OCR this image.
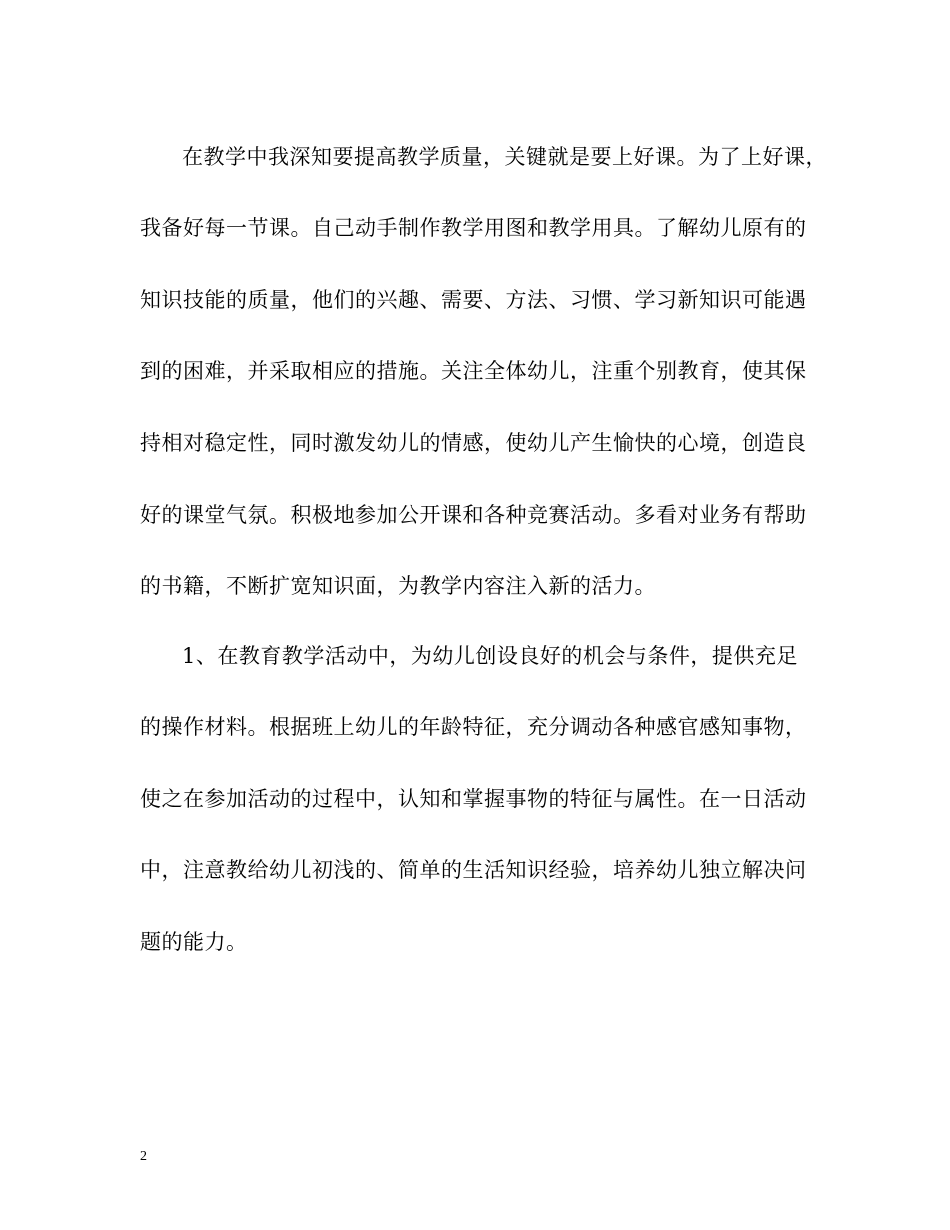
在教学中我深知要提高教学质量，关键就是要上好课。为了上好课，
我备好每一节课。自己动手制作教学用图和教学用具。了解幼儿原有的
知识技能的质量，他们的兴趣、需要、方法、习惯、学习新知识可能遇
到的困难，并采取相应的措施。关注全体幼儿，注重个别教育，使其保
持相对稳定性，同时激发幼儿的情感，使幼儿产生愉快的心境，创造良
好的课堂气氛。积极地参加公开课和各种竞赛活动。多看对业务有帮助
的书籍，不断扩宽知识面，为教学内容注入新的活力。
1、在教育教学活动中，为幼儿创设良好的机会与条件，提供充足
的操作材料。根据班上幼儿的年龄特征，充分调动各种感官感知事物，
使之在参加活动的过程中，认知和掌握事物的特征与属性。在一日活动
中，注意教给幼儿初浅的、简单的生活知识经验，培养幼儿独立解决问
题的能力。
2
